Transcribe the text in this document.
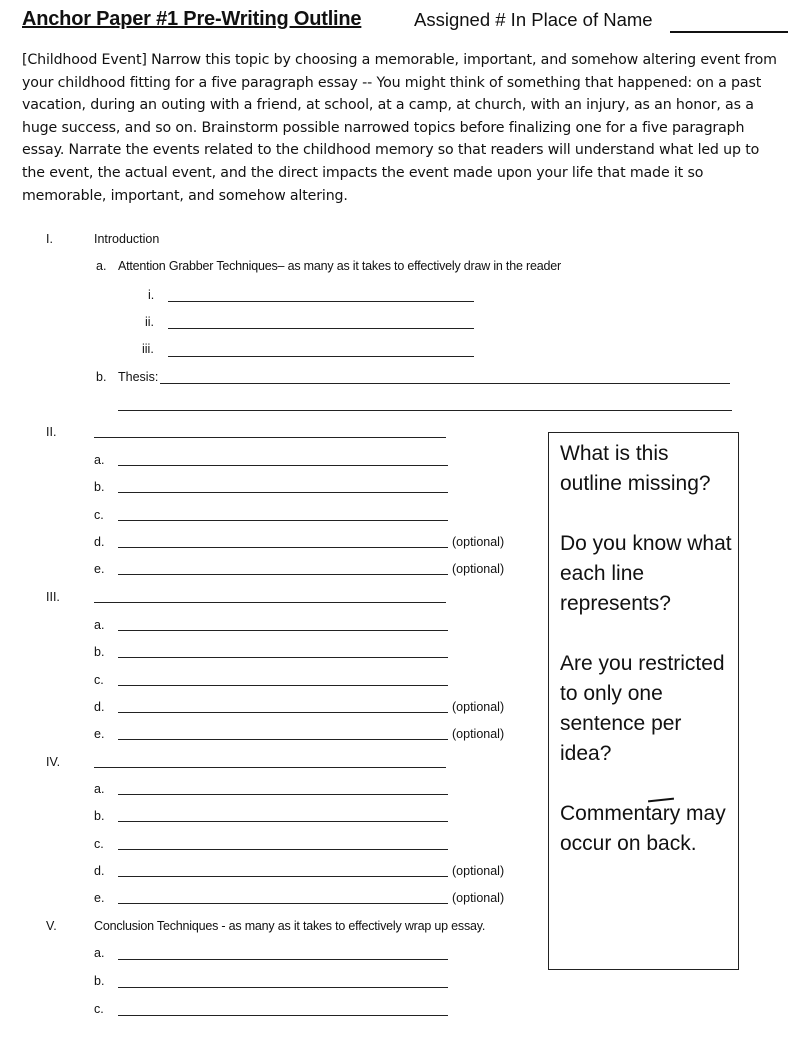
Anchor Paper #1 Pre-Writing Outline	Assigned # In Place of Name
[Childhood Event] Narrow this topic by choosing a memorable, important, and somehow altering event from your childhood fitting for a five paragraph essay -- You might think of something that happened: on a past vacation, during an outing with a friend, at school, at a camp, at church, with an injury, as an honor, as a huge success, and so on. Brainstorm possible narrowed topics before finalizing one for a five paragraph essay. Narrate the events related to the childhood memory so that readers will understand what led up to the event, the actual event, and the direct impacts the event made upon your life that made it so memorable, important, and somehow altering.
I.	Introduction
a. Attention Grabber Techniques– as many as it takes to effectively draw in the reader
i.
ii.
iii.
b. Thesis:
II.
a.
b.
c.
d.	(optional)
e.	(optional)
III.
a.
b.
c.
d.	(optional)
e.	(optional)
IV.
a.
b.
c.
d.	(optional)
e.	(optional)
V.	Conclusion Techniques - as many as it takes to effectively wrap up essay.
a.
b.
c.

What is this outline missing?

Do you know what each line represents?

Are you restricted to only one sentence per idea?

Commentary may occur on back.
